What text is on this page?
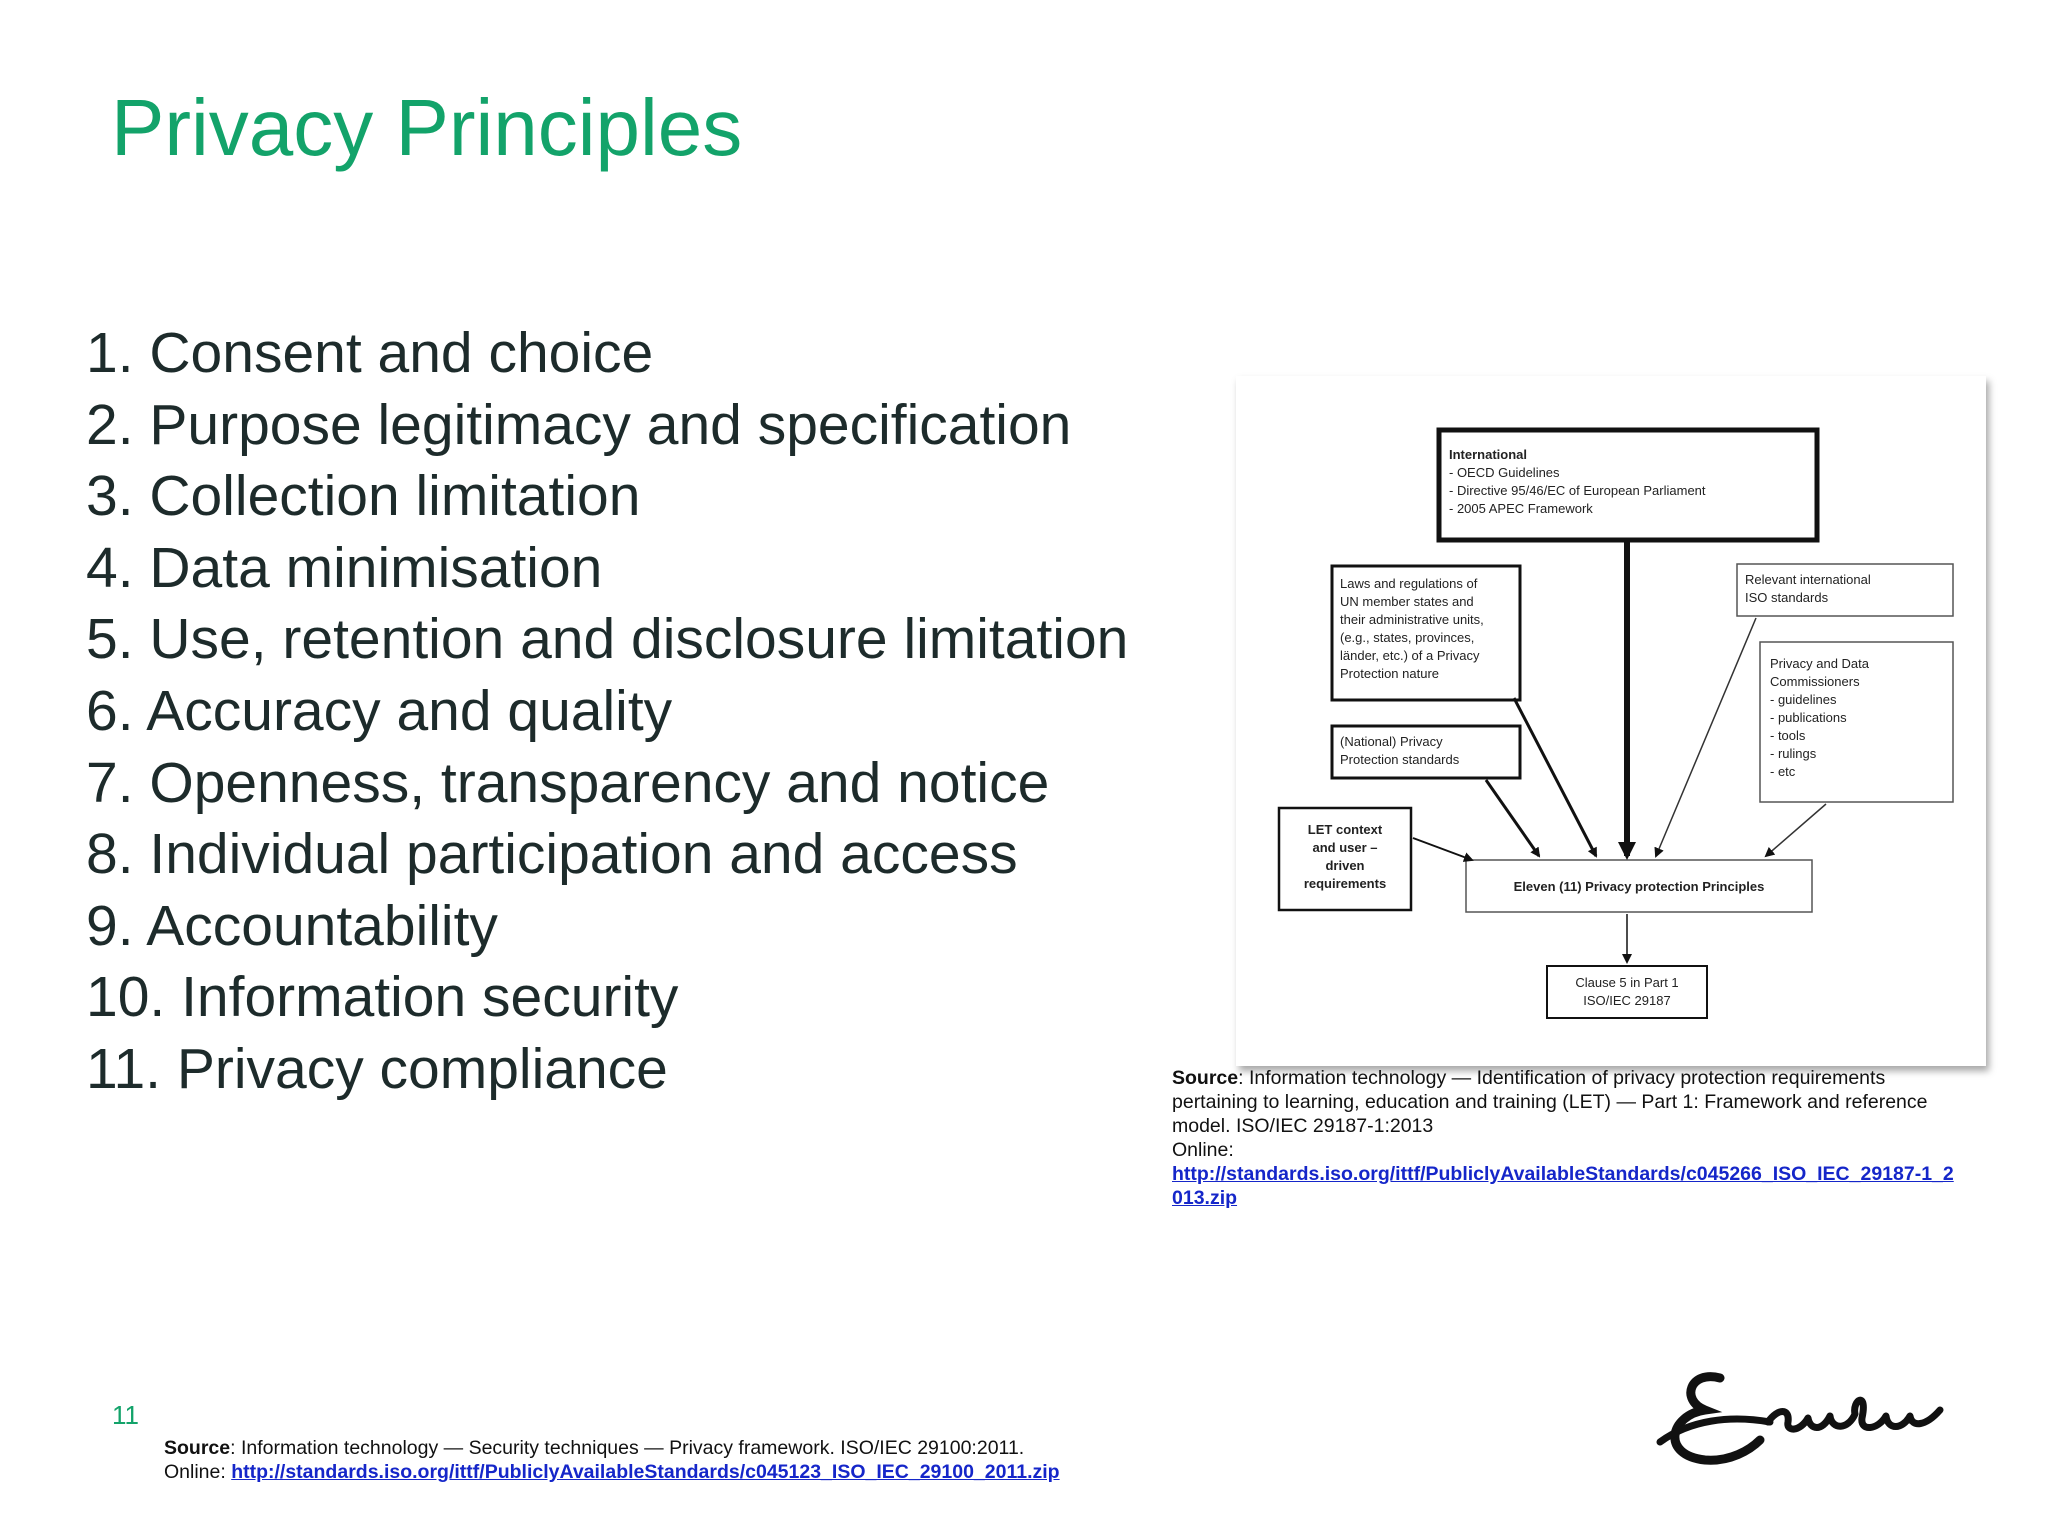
Privacy Principles
1. Consent and choice
2. Purpose legitimacy and specification
3. Collection limitation
4. Data minimisation
5. Use, retention and disclosure limitation
6. Accuracy and quality
7. Openness, transparency and notice
8. Individual participation and access
9. Accountability
10. Information security
11. Privacy compliance
International
- OECD Guidelines
- Directive 95/46/EC of European Parliament
- 2005 APEC Framework
Laws and regulations of
UN member states and
their administrative units,
(e.g., states, provinces,
länder, etc.) of a Privacy
Protection nature
(National) Privacy
Protection standards
Relevant international
ISO standards
Privacy and Data
Commissioners
- guidelines
- publications
- tools
- rulings
- etc
LET context
and user –
driven
requirements	Eleven (11) Privacy protection Principles
Clause 5 in Part 1
ISO/IEC 29187
Source: Information technology — Identification of privacy protection requirements pertaining to learning, education and training (LET) — Part 1: Framework and reference model. ISO/IEC 29187-1:2013
Online:
http://standards.iso.org/ittf/PubliclyAvailableStandards/c045266_ISO_IEC_29187-1_2013.zip
11
Source: Information technology — Security techniques — Privacy framework. ISO/IEC 29100:2011.
Online: http://standards.iso.org/ittf/PubliclyAvailableStandards/c045123_ISO_IEC_29100_2011.zip
